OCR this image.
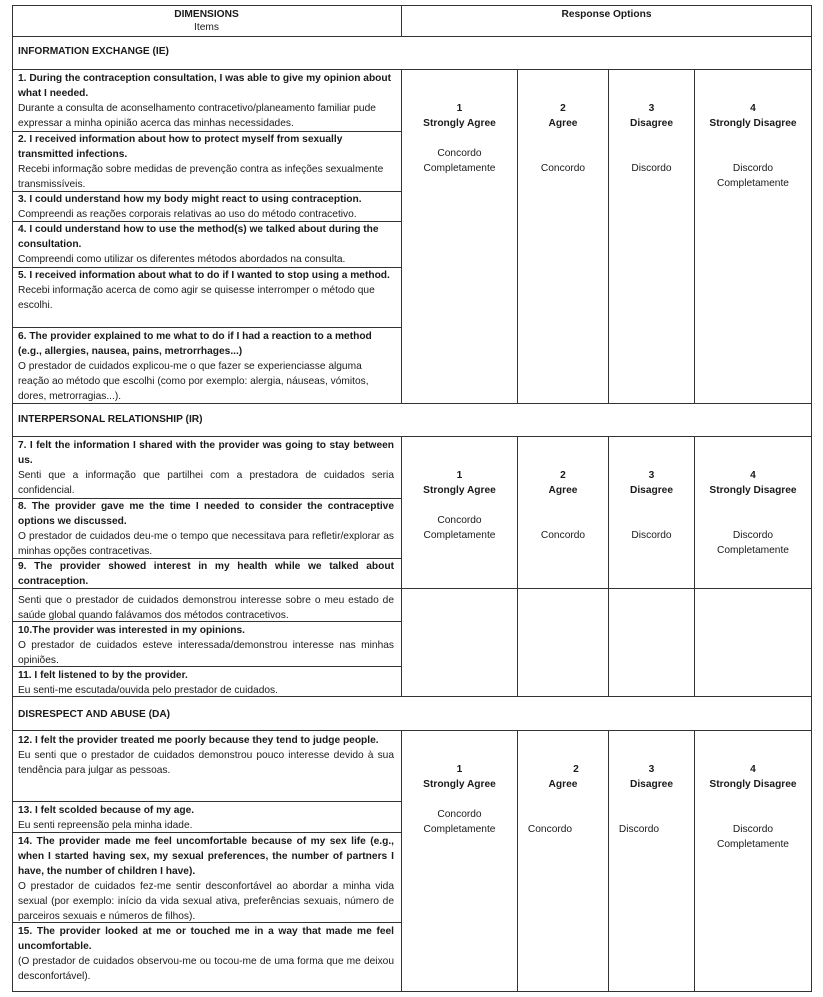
DIMENSIONS
Items
Response Options
INFORMATION EXCHANGE (IE)
INTERPERSONAL RELATIONSHIP (IR)
DISRESPECT AND ABUSE (DA)
1. During the contraception consultation, I was able to give my opinion about what I needed.
Durante a consulta de aconselhamento contracetivo/planeamento familiar pude expressar a minha opinião acerca das minhas necessidades.
2. I received information about how to protect myself from sexually transmitted infections.
Recebi informação sobre medidas de prevenção contra as infeções sexualmente transmissíveis.
3. I could understand how my body might react to using contraception.
Compreendi as reações corporais relativas ao uso do método contracetivo.
4. I could understand how to use the method(s) we talked about during the consultation.
Compreendi como utilizar os diferentes métodos abordados na consulta.
5. I received information about what to do if I wanted to stop using a method.
Recebi informação acerca de como agir se quisesse interromper o método que escolhi.
6. The provider explained to me what to do if I had a reaction to a method (e.g., allergies, nausea, pains, metrorrhages...)
O prestador de cuidados explicou-me o que fazer se experienciasse alguma reação ao método que escolhi (como por exemplo: alergia, náuseas, vómitos, dores, metrorragias...).
7. I felt the information I shared with the provider was going to stay between us.
Senti que a informação que partilhei com a prestadora de cuidados seria confidencial.
8. The provider gave me the time I needed to consider the contraceptive options we discussed.
O prestador de cuidados deu-me o tempo que necessitava para refletir/explorar as minhas opções contracetivas.
9. The provider showed interest in my health while we talked about contraception.
Senti que o prestador de cuidados demonstrou interesse sobre o meu estado de saúde global quando falávamos dos métodos contracetivos.
10.The provider was interested in my opinions.
O prestador de cuidados esteve interessada/demonstrou interesse nas minhas opiniões.
11. I felt listened to by the provider.
Eu senti-me escutada/ouvida pelo prestador de cuidados.
12. I felt the provider treated me poorly because they tend to judge people.
Eu senti que o prestador de cuidados demonstrou pouco interesse devido à sua tendência para julgar as pessoas.
13. I felt scolded because of my age.
Eu senti repreensão pela minha idade.
14. The provider made me feel uncomfortable because of my sex life (e.g., when I started having sex, my sexual preferences, the number of partners I have, the number of children I have).
O prestador de cuidados fez-me sentir desconfortável ao abordar a minha vida sexual (por exemplo: início da vida sexual ativa, preferências sexuais, número de parceiros sexuais e números de filhos).
15. The provider looked at me or touched me in a way that made me feel uncomfortable.
(O prestador de cuidados observou-me ou tocou-me de uma forma que me deixou desconfortável).
1
Strongly Agree
Concordo Completamente
2
Agree
Concordo
3
Disagree
Discordo
4
Strongly Disagree
Discordo Completamente
1
Strongly Agree
Concordo Completamente
2
Agree
Concordo
3
Disagree
Discordo
4
Strongly Disagree
Discordo Completamente
1
Strongly Agree
Concordo Completamente
2
Agree
Concordo
3
Disagree
Discordo
4
Strongly Disagree
Discordo Completamente
